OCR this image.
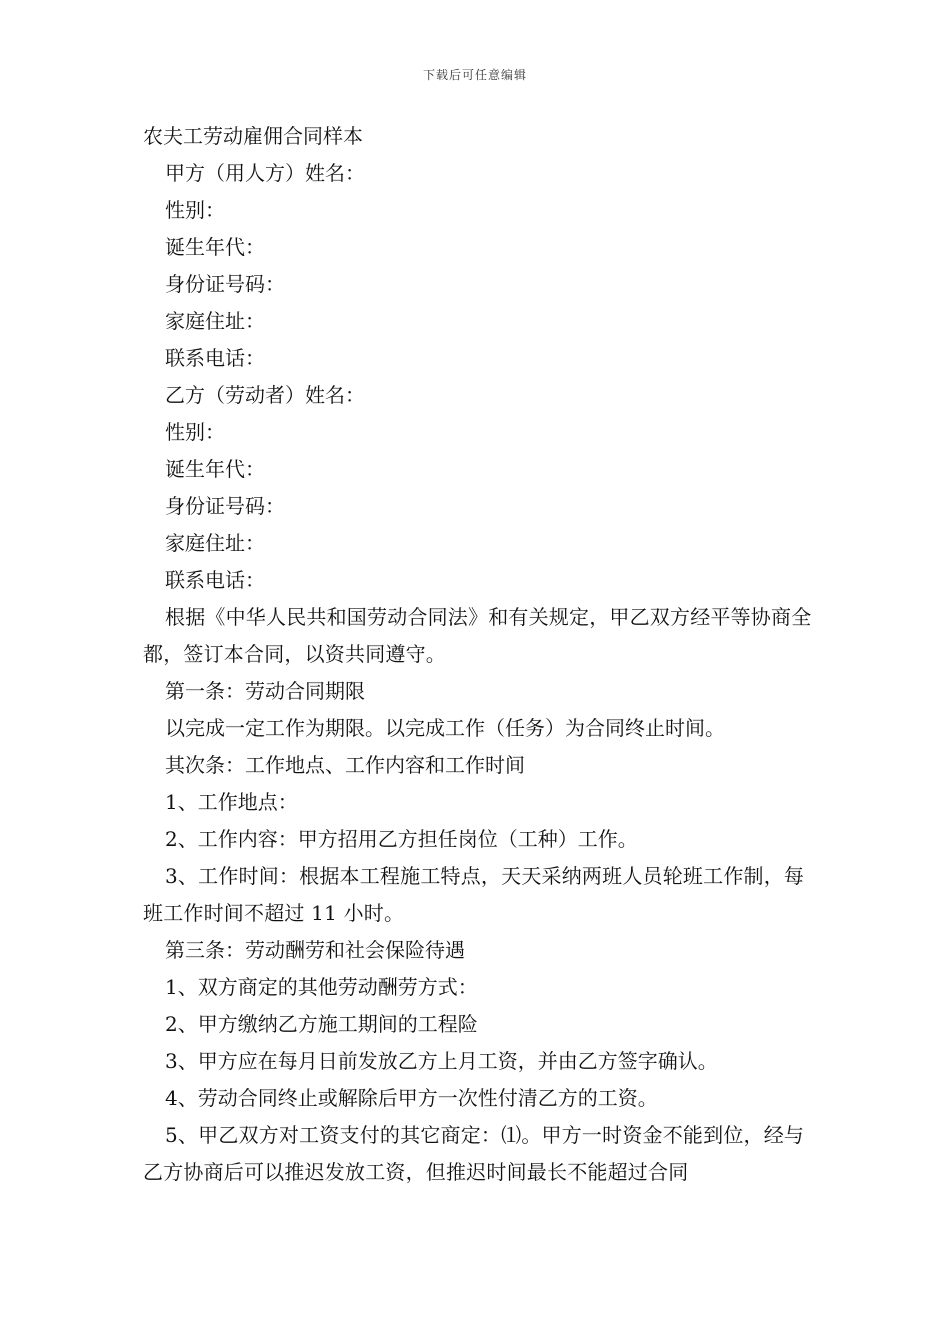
下载后可任意编辑
农夫工劳动雇佣合同样本
甲方（用人方）姓名：
性别：
诞生年代：
身份证号码：
家庭住址：
联系电话：
乙方（劳动者）姓名：
性别：
诞生年代：
身份证号码：
家庭住址：
联系电话：

根据《中华人民共和国劳动合同法》和有关规定，甲乙双方经平等协商全都，签订本合同，以资共同遵守。

第一条：劳动合同期限
以完成一定工作为期限。以完成工作（任务）为合同终止时间。
其次条：工作地点、工作内容和工作时间
1、工作地点：
2、工作内容：甲方招用乙方担任岗位（工种）工作。

3、工作时间：根据本工程施工特点，天天采纳两班人员轮班工作制，每班工作时间不超过 11 小时。

第三条：劳动酬劳和社会保险待遇
1、双方商定的其他劳动酬劳方式：
2、甲方缴纳乙方施工期间的工程险
3、甲方应在每月日前发放乙方上月工资，并由乙方签字确认。
4、劳动合同终止或解除后甲方一次性付清乙方的工资。

5、甲乙双方对工资支付的其它商定：⑴。甲方一时资金不能到位，经与乙方协商后可以推迟发放工资，但推迟时间最长不能超过合同
